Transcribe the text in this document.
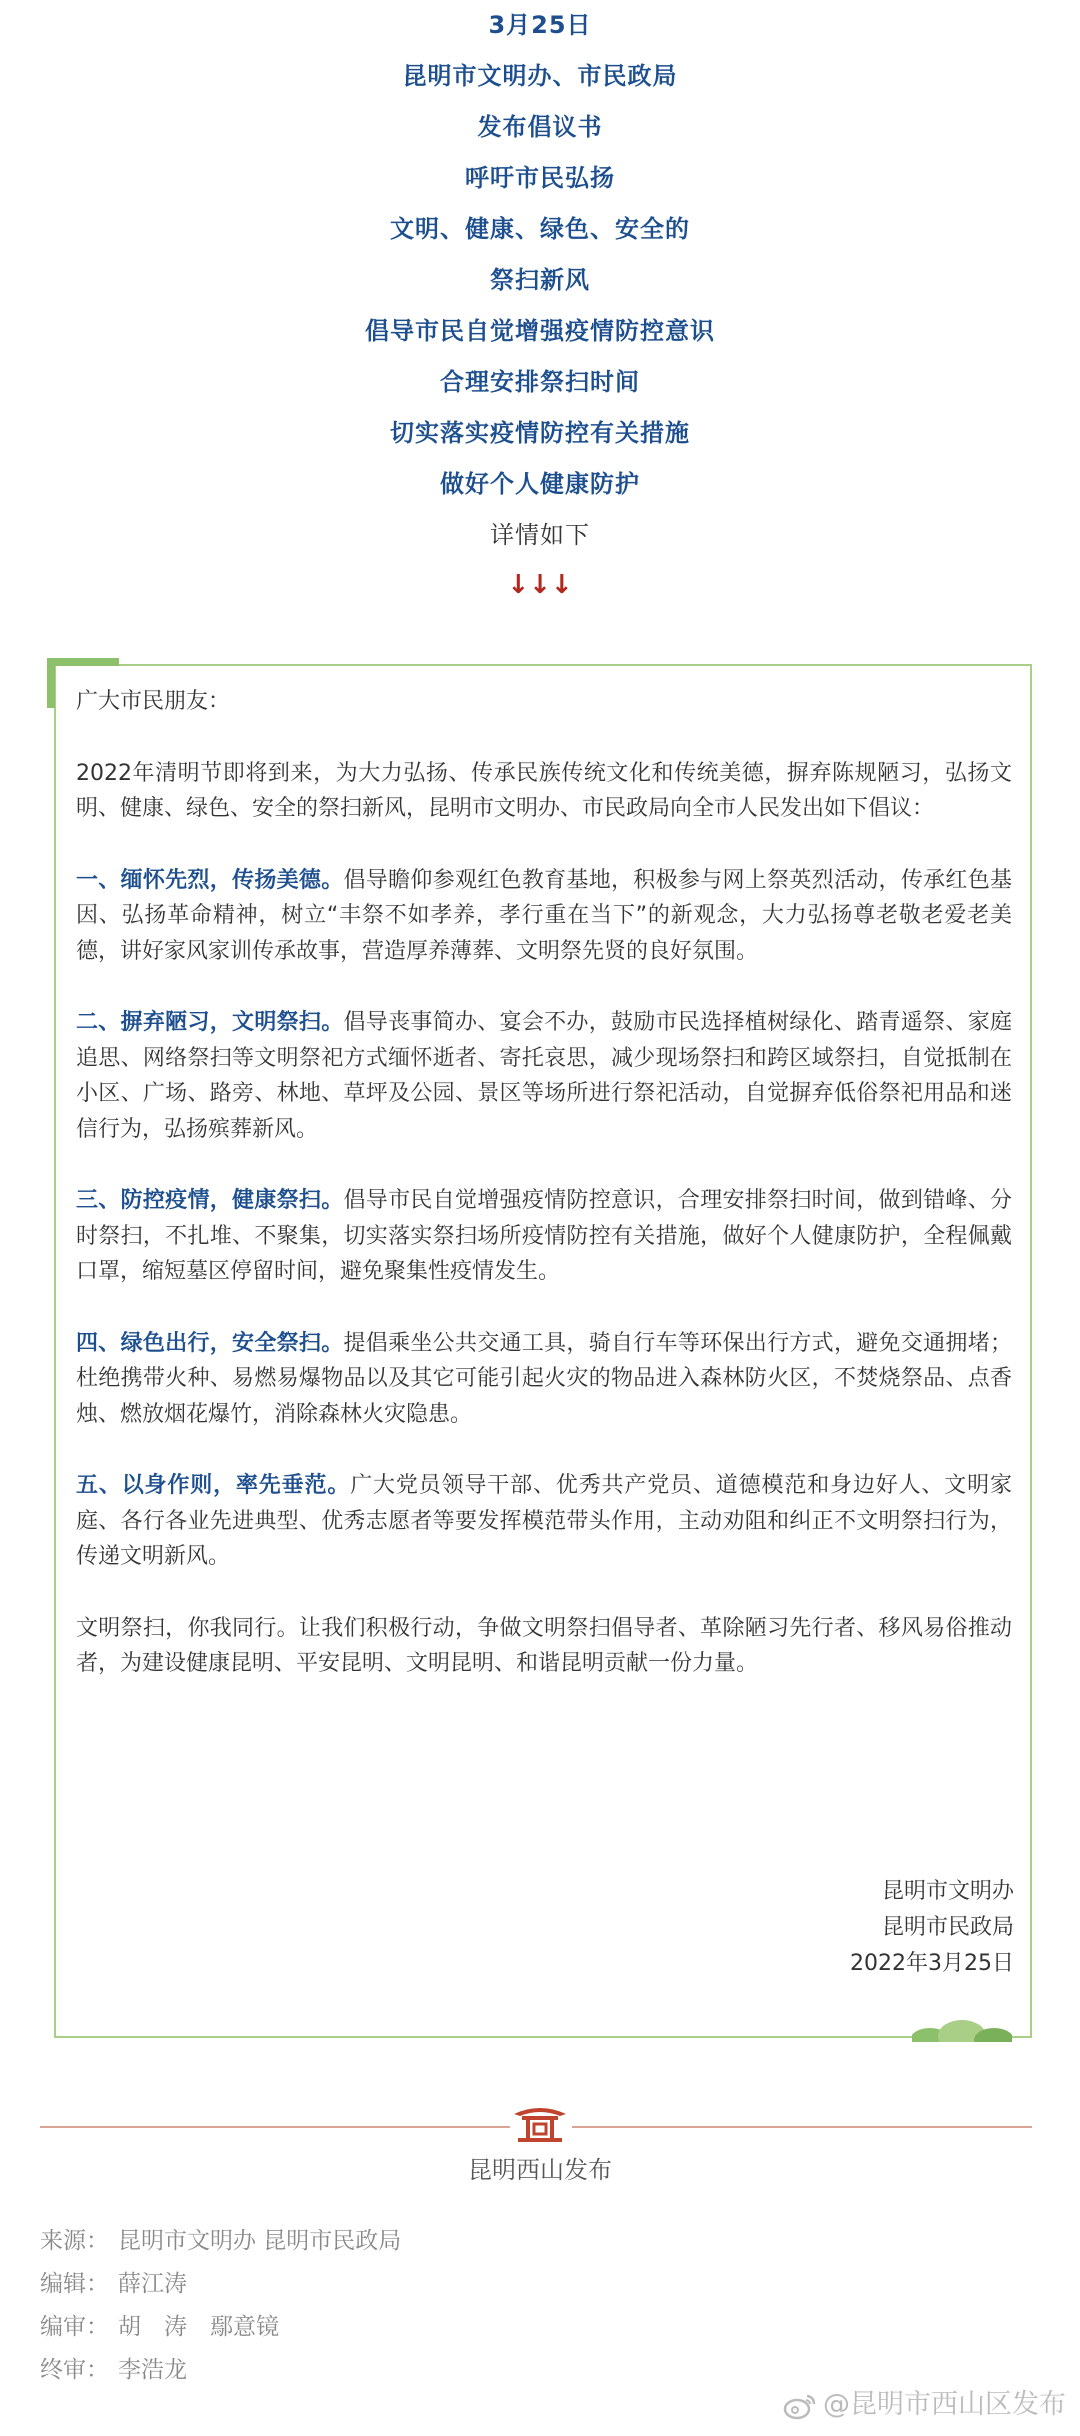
3月25日
昆明市文明办、市民政局
发布倡议书
呼吁市民弘扬
文明、健康、绿色、安全的
祭扫新风
倡导市民自觉增强疫情防控意识
合理安排祭扫时间
切实落实疫情防控有关措施
做好个人健康防护
详情如下
↓↓↓

广大市民朋友：

2022年清明节即将到来，为大力弘扬、传承民族传统文化和传统美德，摒弃陈规陋习，弘扬文明、健康、绿色、安全的祭扫新风，昆明市文明办、市民政局向全市人民发出如下倡议：

一、缅怀先烈，传扬美德。倡导瞻仰参观红色教育基地，积极参与网上祭英烈活动，传承红色基因、弘扬革命精神，树立“丰祭不如孝养，孝行重在当下”的新观念，大力弘扬尊老敬老爱老美德，讲好家风家训传承故事，营造厚养薄葬、文明祭先贤的良好氛围。

二、摒弃陋习，文明祭扫。倡导丧事简办、宴会不办，鼓励市民选择植树绿化、踏青遥祭、家庭追思、网络祭扫等文明祭祀方式缅怀逝者、寄托哀思，减少现场祭扫和跨区域祭扫，自觉抵制在小区、广场、路旁、林地、草坪及公园、景区等场所进行祭祀活动，自觉摒弃低俗祭祀用品和迷信行为，弘扬殡葬新风。

三、防控疫情，健康祭扫。倡导市民自觉增强疫情防控意识，合理安排祭扫时间，做到错峰、分时祭扫，不扎堆、不聚集，切实落实祭扫场所疫情防控有关措施，做好个人健康防护，全程佩戴口罩，缩短墓区停留时间，避免聚集性疫情发生。

四、绿色出行，安全祭扫。提倡乘坐公共交通工具，骑自行车等环保出行方式，避免交通拥堵；杜绝携带火种、易燃易爆物品以及其它可能引起火灾的物品进入森林防火区，不焚烧祭品、点香烛、燃放烟花爆竹，消除森林火灾隐患。

五、以身作则，率先垂范。广大党员领导干部、优秀共产党员、道德模范和身边好人、文明家庭、各行各业先进典型、优秀志愿者等要发挥模范带头作用，主动劝阻和纠正不文明祭扫行为，传递文明新风。

文明祭扫，你我同行。让我们积极行动，争做文明祭扫倡导者、革除陋习先行者、移风易俗推动者，为建设健康昆明、平安昆明、文明昆明、和谐昆明贡献一份力量。

昆明市文明办
昆明市民政局
2022年3月25日
昆明西山发布
来源： 昆明市文明办 昆明市民政局
编辑： 薛江涛
编审： 胡　涛　鄢意镜
终审： 李浩龙
@昆明市西山区发布
